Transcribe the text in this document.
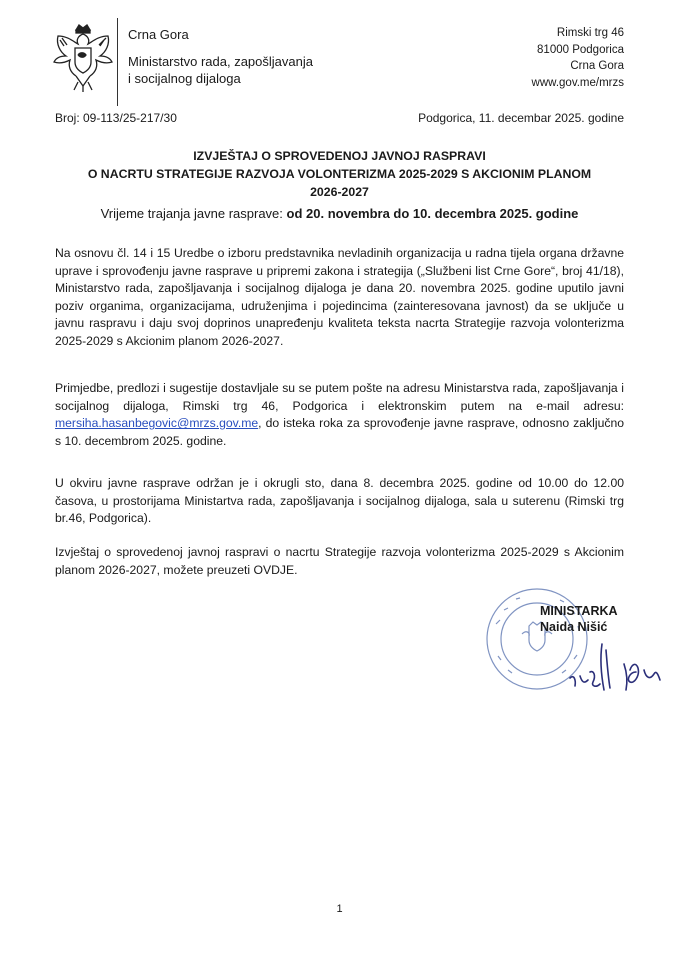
Crna Gora
Ministarstvo rada, zapošljavanja
i socijalnog dijaloga
Rimski trg 46
81000 Podgorica
Crna Gora
www.gov.me/mrzs
Broj: 09-113/25-217/30	Podgorica, 11. decembar 2025. godine
IZVJEŠTAJ O SPROVEDENOJ JAVNOJ RASPRAVI
O NACRTU STRATEGIJE RAZVOJA VOLONTERIZMA 2025-2029 S AKCIONIM PLANOM
2026-2027
Vrijeme trajanja javne rasprave: od 20. novembra do 10. decembra 2025. godine
Na osnovu čl. 14 i 15 Uredbe o izboru predstavnika nevladinih organizacija u radna tijela organa državne uprave i sprovođenju javne rasprave u pripremi zakona i strategija („Službeni list Crne Gore“, broj 41/18), Ministarstvo rada, zapošljavanja i socijalnog dijaloga je dana 20. novembra 2025. godine uputilo javni poziv organima, organizacijama, udruženjima i pojedincima (zainteresovana javnost) da se uključe u javnu raspravu i daju svoj doprinos unapređenju kvaliteta teksta nacrta Strategije razvoja volonterizma 2025-2029 s Akcionim planom 2026-2027.
Primjedbe, predlozi i sugestije dostavljale su se putem pošte na adresu Ministarstva rada, zapošljavanja i socijalnog dijaloga, Rimski trg 46, Podgorica i elektronskim putem na e-mail adresu: mersiha.hasanbegovic@mrzs.gov.me, do isteka roka za sprovođenje javne rasprave, odnosno zaključno s 10. decembrom 2025. godine.
U okviru javne rasprave održan je i okrugli sto, dana 8. decembra 2025. godine od 10.00 do 12.00 časova, u prostorijama Ministartva rada, zapošljavanja i socijalnog dijaloga, sala u suterenu (Rimski trg br.46, Podgorica).
Izvještaj o sprovedenoj javnoj raspravi o nacrtu Strategije razvoja volonterizma 2025-2029 s Akcionim planom 2026-2027, možete preuzeti OVDJE.
MINISTARKA
Naida Nišić
1
